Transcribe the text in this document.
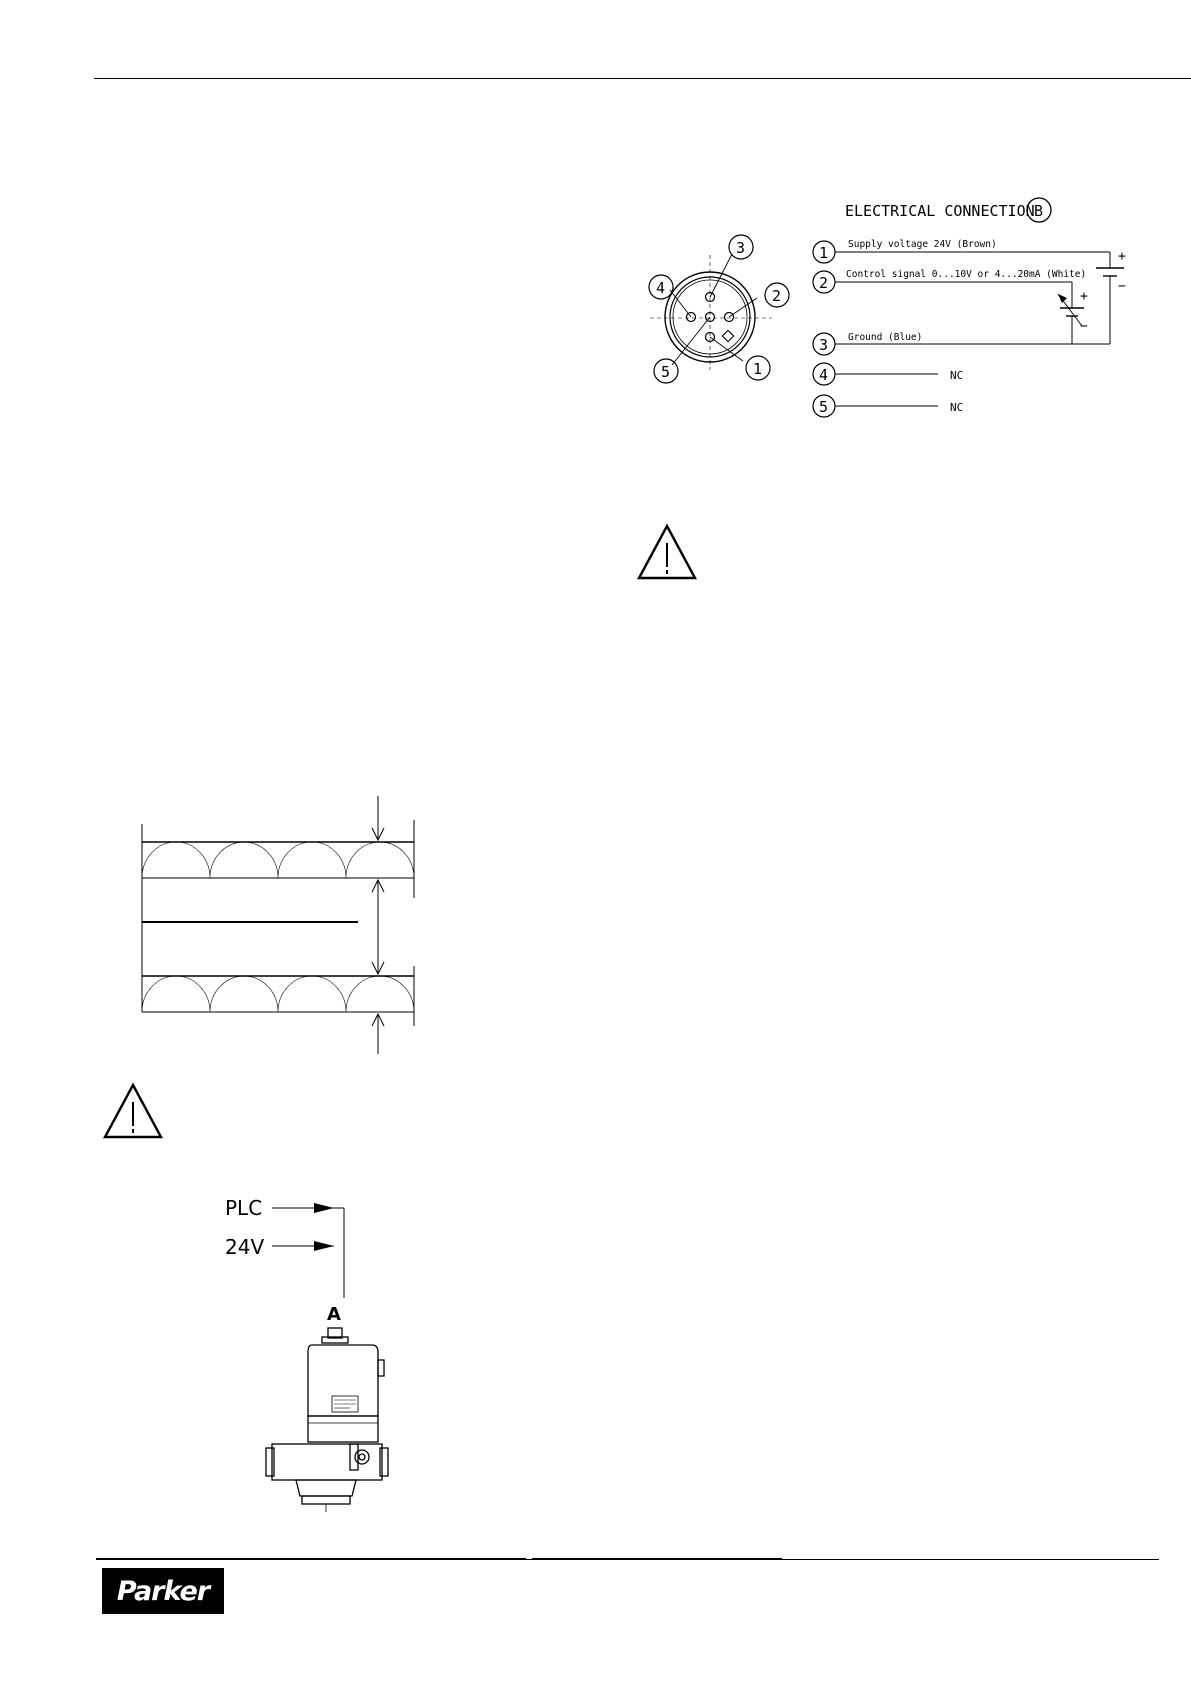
ELECTRICAL CONNECTION B
3
4	2
5	1
1 Supply voltage 24V (Brown)
2 Control signal 0...10V or 4...20mA (White)
3 Ground (Blue)
4	NC
5	NC
+
−
+
−
PLC
24V
A
Parker
